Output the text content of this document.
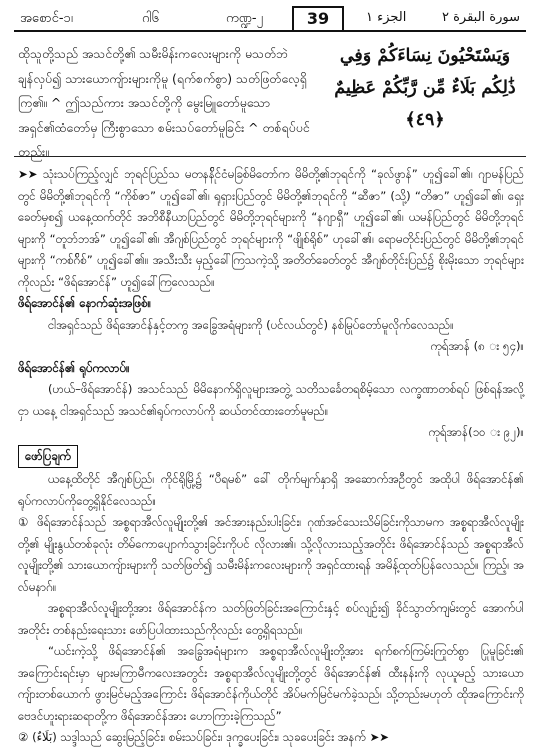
အစောင်-၁၊	ဂါ၆	ကဏ္ဍ-၂	39	الجزء ١	سورة البقرة ٢
ထိုသူတို့သည် အသင်တို့၏ သမီးမိန်းကလေးများကို မသတ်ဘဲ ချန်လှပ်၍ သားယောကျ်ားများကိုမူ (ရက်စက်စွာ) သတ်ဖြတ်လေ့ရှိကြ၏။ ^ ဤသည်ကား အသင်တို့ကို မွေးမြူတော်မူသောအရှင်၏ထံတော်မှ ကြီးစွာသော စမ်းသပ်တော်မူခြင်း ^ တစ်ရပ်ပင်တည်း။

وَيَسْتَحْيُونَ نِسَاءَكُمْ وَفِي

ذَٰلِكُم بَلَاءٌ مِّن رَّبِّكُمْ عَظِيمٌ ﴿٤٩﴾

➤➤ သုံးသပ်ကြည့်လျှင် ဘုရင်ပြည်သ မတနန်ိုင်ငံမခြစ်မိတော်က မိမိတို့၏ဘုရင်ကို “ခုလ်ဖွာန်” ဟူ၍ခေါ်၏၊ ဂျာမန်ပြည်တွင် မိမိတို့၏ဘုရင်ကို “ကိုစ်ဇာ” ဟူ၍ခေါ်၏၊ ရုရှားပြည်တွင် မိမိတို့၏ဘုရင်ကို “ဆီဇာ” (သို့) “တိဇာ” ဟူ၍ခေါ်၏၊ ရှေးခေတ်မှစ၍ ယနေ့ထက်တိုင် အဘိစီနီယာပြည်တွင် မိမိတို့ဘုရင်များကို “နဂျာရှီ” ဟူ၍ခေါ်၏၊ ယမန်ပြည်တွင် မိမိတို့ဘုရင်များကို “တူဘ်ဘအ်” ဟူ၍ခေါ်၏၊ အီဂျစ်ပြည်တွင် ဘုရင်များကို “ဖျိုစ်ရိုစ်” ဟုခေါ်၏၊ ရောမတိုင်းပြည်တွင် မိမိတို့၏ဘုရင်များကို “ကစ်ဂ်ိစ်” ဟူ၍ခေါ်၏။ အသီးသီး မှည့်ခေါ်ကြသကဲ့သို့ အတိတ်ခေတ်တွင် အီဂျစ်တိုင်းပြည်၌ စိုးမိုးသော ဘုရင်များကိုလည်း “ဖိရ်အောင်န်” ဟူ၍ခေါ်ကြလေသည်။

ဖိရ်အောင်န်၏ နောက်ဆုံးအဖြစ်။

ငါအရှင်သည် ဖိရ်အောင်န်နှင့်တကွ အခြွေအရံများကို (ပင်လယ်တွင်) နစ်မြုပ်တော်မူလိုက်လေသည်။

ကုရ်အာန် (၈ း ၅၄)။

ဖိရ်အောင်န်၏ ရုပ်ကလာပ်။

(ဟယ်–ဖိရ်အောင်န်) အသင်သည် မိမိနောက်ရှိလူများအတွဲ့ သတိသင်္ခေတရစိမ့်သော လက္ခဏာတစ်ရပ် ဖြစ်ရန်အလို့ငှာ ယနေ့ ငါအရှင်သည် အသင်၏ရုပ်ကလာပ်ကို ဆယ်တင်ထားတော်မူမည်။

ကုရ်အာန်(၁၀ း ၉၂)။

ဖော်ပြချက်

ယနေ့ထိတိုင် အီဂျစ်ပြည်၊ ကိုင်ရိုမြို့၌ “ပီရမစ်” ခေါ် တိုက်မျက်နှာရှိ အဆောက်အဦတွင် အထိုပါ ဖိရ်အောင်န်၏ ရုပ်ကလာပ်ကိုတွေ့ရှိနိုင်လေသည်။

① ဖိရ်အောင်န်သည် အစ္စရာအီလ်လူမျိုးတို့၏ အင်အားနည်းပါးခြင်း၊ ဂုဏ်အင်သေးသိမ်ခြင်းကိုသာမက အစ္စရာအီလ်လူမျိုးတို့၏ မျိုးနွယ်တစ်ခုလုံး တိမ်ကောပျောက်သွားခြင်းကိုပင် လိုလား၏၊ သို့လိုလားသည့်အတိုင်း ဖိရ်အောင်န်သည် အစ္စရာအီလ်လူမျိုးတို့၏ သားယောကျ်ားများကို သတ်ဖြတ်၍ သမီးမိန်းကလေးများကို အရှင်ထားရန် အမိန့်ထုတ်ပြန်လေသည်။ ကြည့်၊ အလ်မနာဂ်။

အစ္စရာအီလ်လူမျိုးတို့အား ဖိရ်အောင်န်က သတ်ဖြတ်ခြင်းအကြောင်းနှင့် စပ်လျဉ်း၍ ခိုင်သွာတ်ကျမ်းတွင် အောက်ပါအတိုင်း တစ်နည်းရေးသား ဖော်ပြပါထားသည်ကိုလည်း တွေ့ရှိရသည်။

“ယင်းကဲ့သို့ ဖိရ်အောင်န်၏ အခြွေအရံများက အစ္စရာအီလ်လူမျိုးတို့အား ရက်စက်ကြမ်းကြုတ်စွာ ပြုမူခြင်း၏ အကြောင်းရင်းမှာ များမကြာမီကလေးအတွင်း အစ္စရာအီလ်လူမျိုးတို့တွင် ဖိရ်အောင်န်၏ ထီးနန်းကို လုယူမည့် သားယောကျ်ားတစ်ယောက် ဖွားမြင်မည့်အကြောင်း ဖိရ်အောင်န်ကိုယ်တိုင် အိပ်မက်မြင်မက်ခဲ့သည်၊ သို့တည်းမဟုတ် ထိုအကြောင်းကို ဗေဒင်ဟူးရားဆရာတို့က ဖိရ်အောင်န်အား ဟောကြားခဲ့ကြသည်”

② (بَلَاءٌ) သဒ္ဒါသည် ဆွေးမြည့်ခြင်း၊ စမ်းသပ်ခြင်း၊ ဒုက္ခပေးခြင်း၊ သုခပေးခြင်း အနက် ➤➤
